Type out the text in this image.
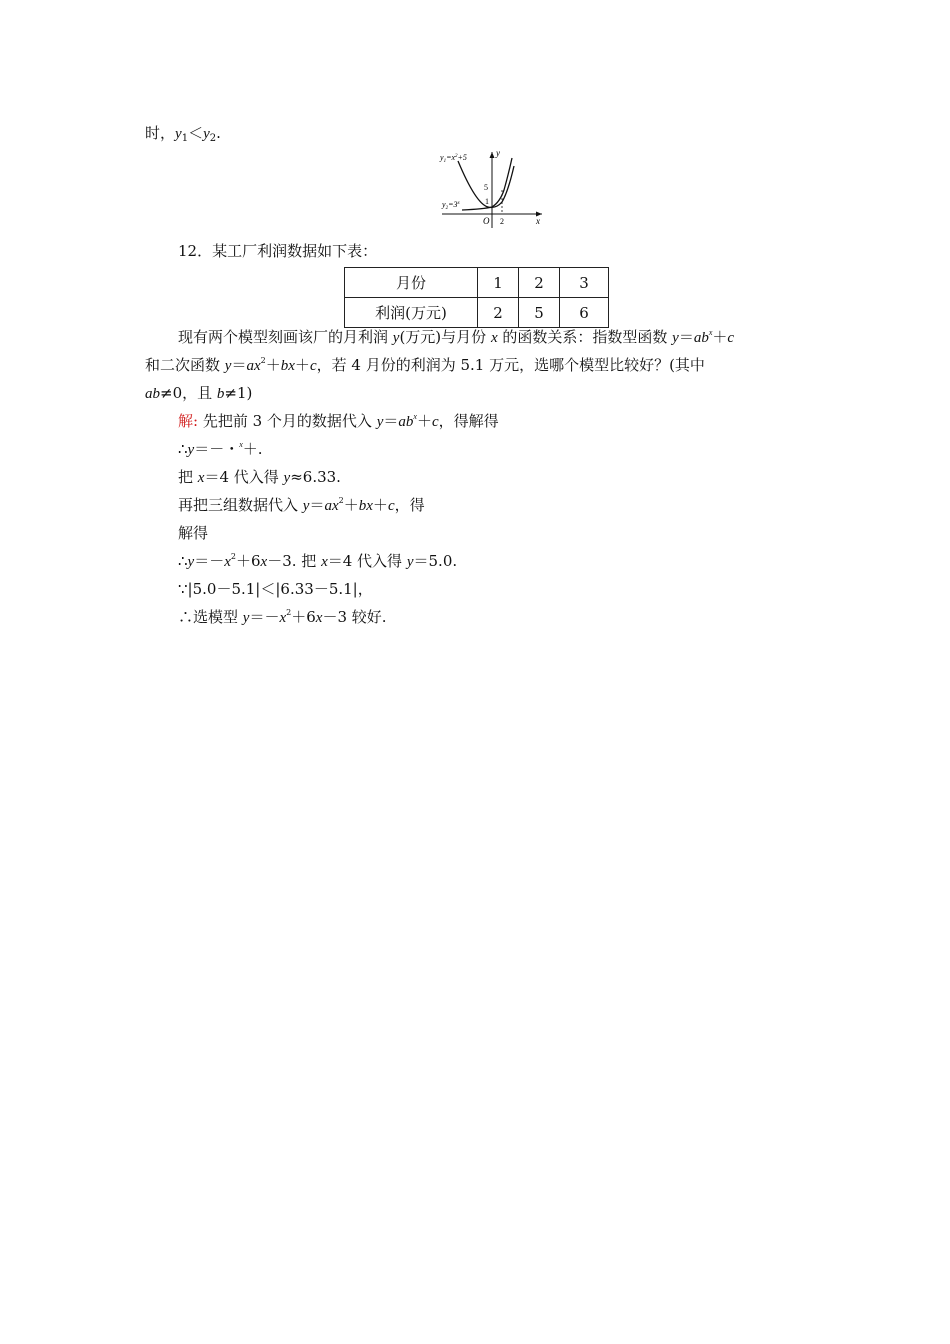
时，$y_1<y_2$.
$y_1=x^2+5$
$y_2=3^x$
y
x
O
5
1
2
12．某工厂利润数据如下表：
月份	1	2	3
利润(万元)	2	5	6
现有两个模型刻画该厂的月利润 y(万元)与月份 x 的函数关系：指数型函数 $y=ab^x+c$
和二次函数 $y=ax^2+bx+c$，若 4 月份的利润为 5.1 万元，选哪个模型比较好？(其中
ab≠0，且 b≠1)
解: 先把前 3 个月的数据代入 $y=ab^x+c$，得解得
∴y＝－・$^x$＋.
把 x＝4 代入得 y≈6.33.
再把三组数据代入 $y=ax^2+bx+c$，得
解得
$\therefore y=-x^2+6x-3$. 把 x＝4 代入得 y＝5.0.
∵|5.0－5.1|＜|6.33－5.1|，
∴选模型 $y=-x^2+6x-3$ 较好.
